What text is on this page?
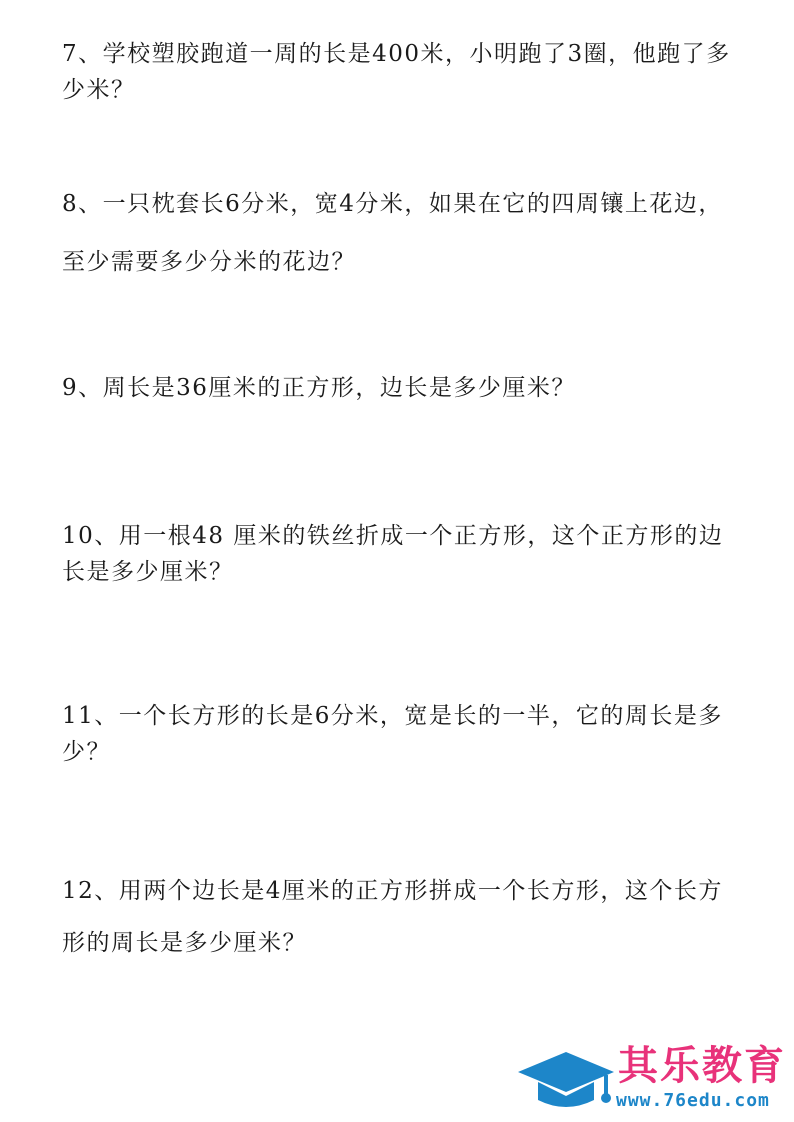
7、学校塑胶跑道一周的长是400米，小明跑了3圈，他跑了多少米？

8、一只枕套长6分米，宽4分米，如果在它的四周镶上花边，至少需要多少分米的花边？

9、周长是36厘米的正方形，边长是多少厘米？

10、用一根48 厘米的铁丝折成一个正方形，这个正方形的边长是多少厘米？

11、一个长方形的长是6分米，宽是长的一半，它的周长是多少？

12、用两个边长是4厘米的正方形拼成一个长方形，这个长方形的周长是多少厘米？

其乐教育
www.76edu.com
